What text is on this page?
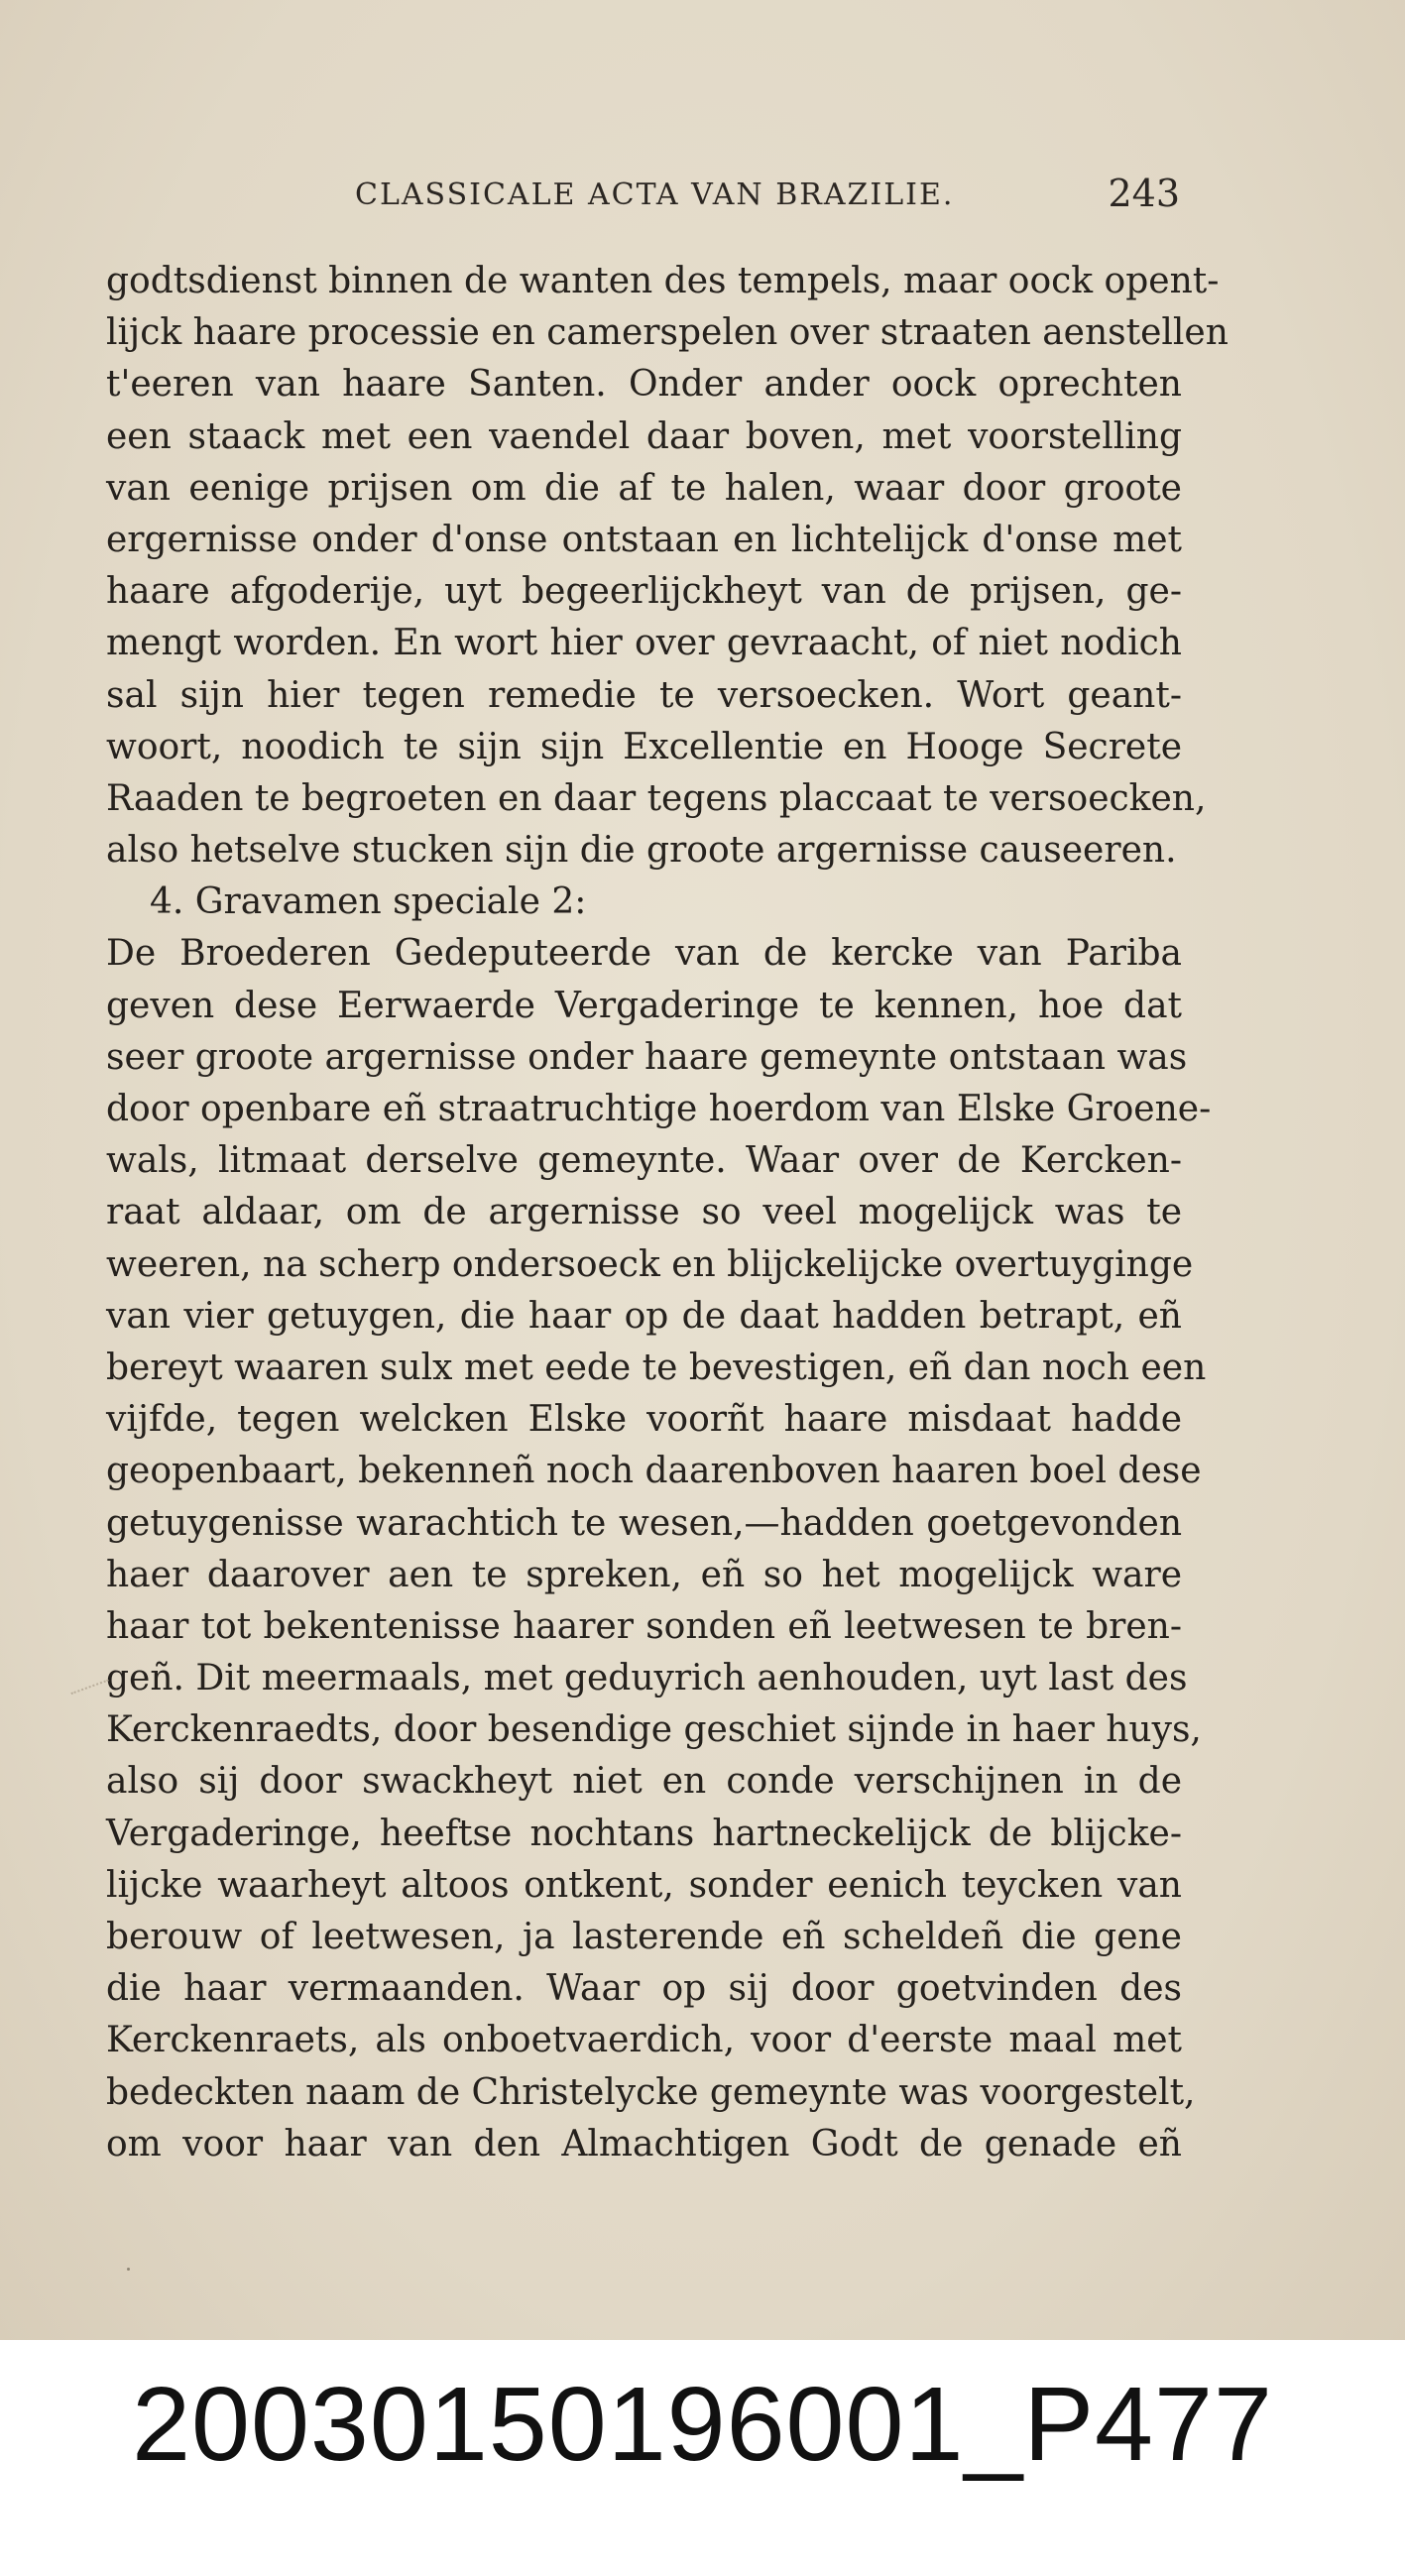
CLASSICALE ACTA VAN BRAZILIE.	243
godtsdienst binnen de wanten des tempels, maar oock opent-
lijck haare processie en camerspelen over straaten aenstellen
t'eeren van haare Santen. Onder ander oock oprechten
een staack met een vaendel daar boven, met voorstelling
van eenige prijsen om die af te halen, waar door groote
ergernisse onder d'onse ontstaan en lichtelijck d'onse met
haare afgoderije, uyt begeerlijckheyt van de prijsen, ge-
mengt worden. En wort hier over gevraacht, of niet nodich
sal sijn hier tegen remedie te versoecken. Wort geant-
woort, noodich te sijn sijn Excellentie en Hooge Secrete
Raaden te begroeten en daar tegens placcaat te versoecken,
also hetselve stucken sijn die groote argernisse causeeren.
4. Gravamen speciale 2:
De Broederen Gedeputeerde van de kercke van Pariba
geven dese Eerwaerde Vergaderinge te kennen, hoe dat
seer groote argernisse onder haare gemeynte ontstaan was
door openbare eñ straatruchtige hoerdom van Elske Groene-
wals, litmaat derselve gemeynte. Waar over de Kercken-
raat aldaar, om de argernisse so veel mogelijck was te
weeren, na scherp ondersoeck en blijckelijcke overtuyginge
van vier getuygen, die haar op de daat hadden betrapt, eñ
bereyt waaren sulx met eede te bevestigen, eñ dan noch een
vijfde, tegen welcken Elske voorñt haare misdaat hadde
geopenbaart, bekenneñ noch daarenboven haaren boel dese
getuygenisse warachtich te wesen,—hadden goetgevonden
haer daarover aen te spreken, eñ so het mogelijck ware
haar tot bekentenisse haarer sonden eñ leetwesen te bren-
geñ. Dit meermaals, met geduyrich aenhouden, uyt last des
Kerckenraedts, door besendige geschiet sijnde in haer huys,
also sij door swackheyt niet en conde verschijnen in de
Vergaderinge, heeftse nochtans hartneckelijck de blijcke-
lijcke waarheyt altoos ontkent, sonder eenich teycken van
berouw of leetwesen, ja lasterende eñ scheldeñ die gene
die haar vermaanden. Waar op sij door goetvinden des
Kerckenraets, als onboetvaerdich, voor d'eerste maal met
bedeckten naam de Christelycke gemeynte was voorgestelt,
om voor haar van den Almachtigen Godt de genade eñ
20030150196001_P477
